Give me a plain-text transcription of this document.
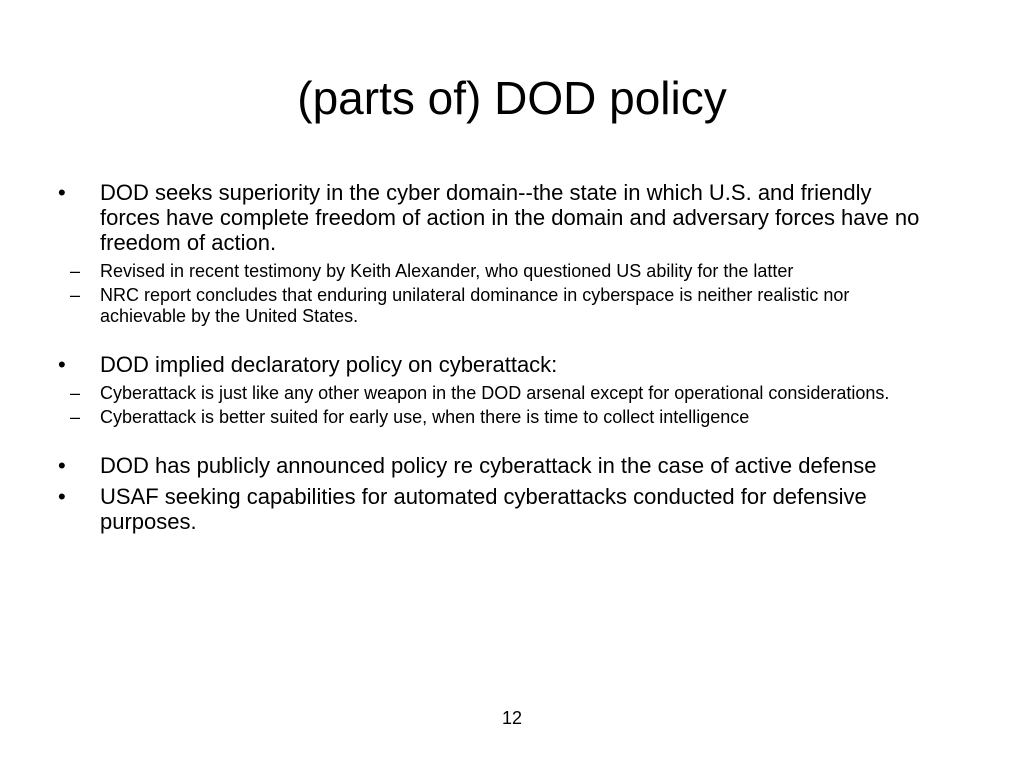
(parts of) DOD policy
• DOD seeks superiority in the cyber domain--the state in which U.S. and friendly forces have complete freedom of action in the domain and adversary forces have no freedom of action.
– Revised in recent testimony by Keith Alexander, who questioned US ability for the latter
– NRC report concludes that enduring unilateral dominance in cyberspace is neither realistic nor achievable by the United States.
• DOD implied declaratory policy on cyberattack:
– Cyberattack is just like any other weapon in the DOD arsenal except for operational considerations.
– Cyberattack is better suited for early use, when there is time to collect intelligence
• DOD has publicly announced policy re cyberattack in the case of active defense
• USAF seeking capabilities for automated cyberattacks conducted for defensive purposes.
12
